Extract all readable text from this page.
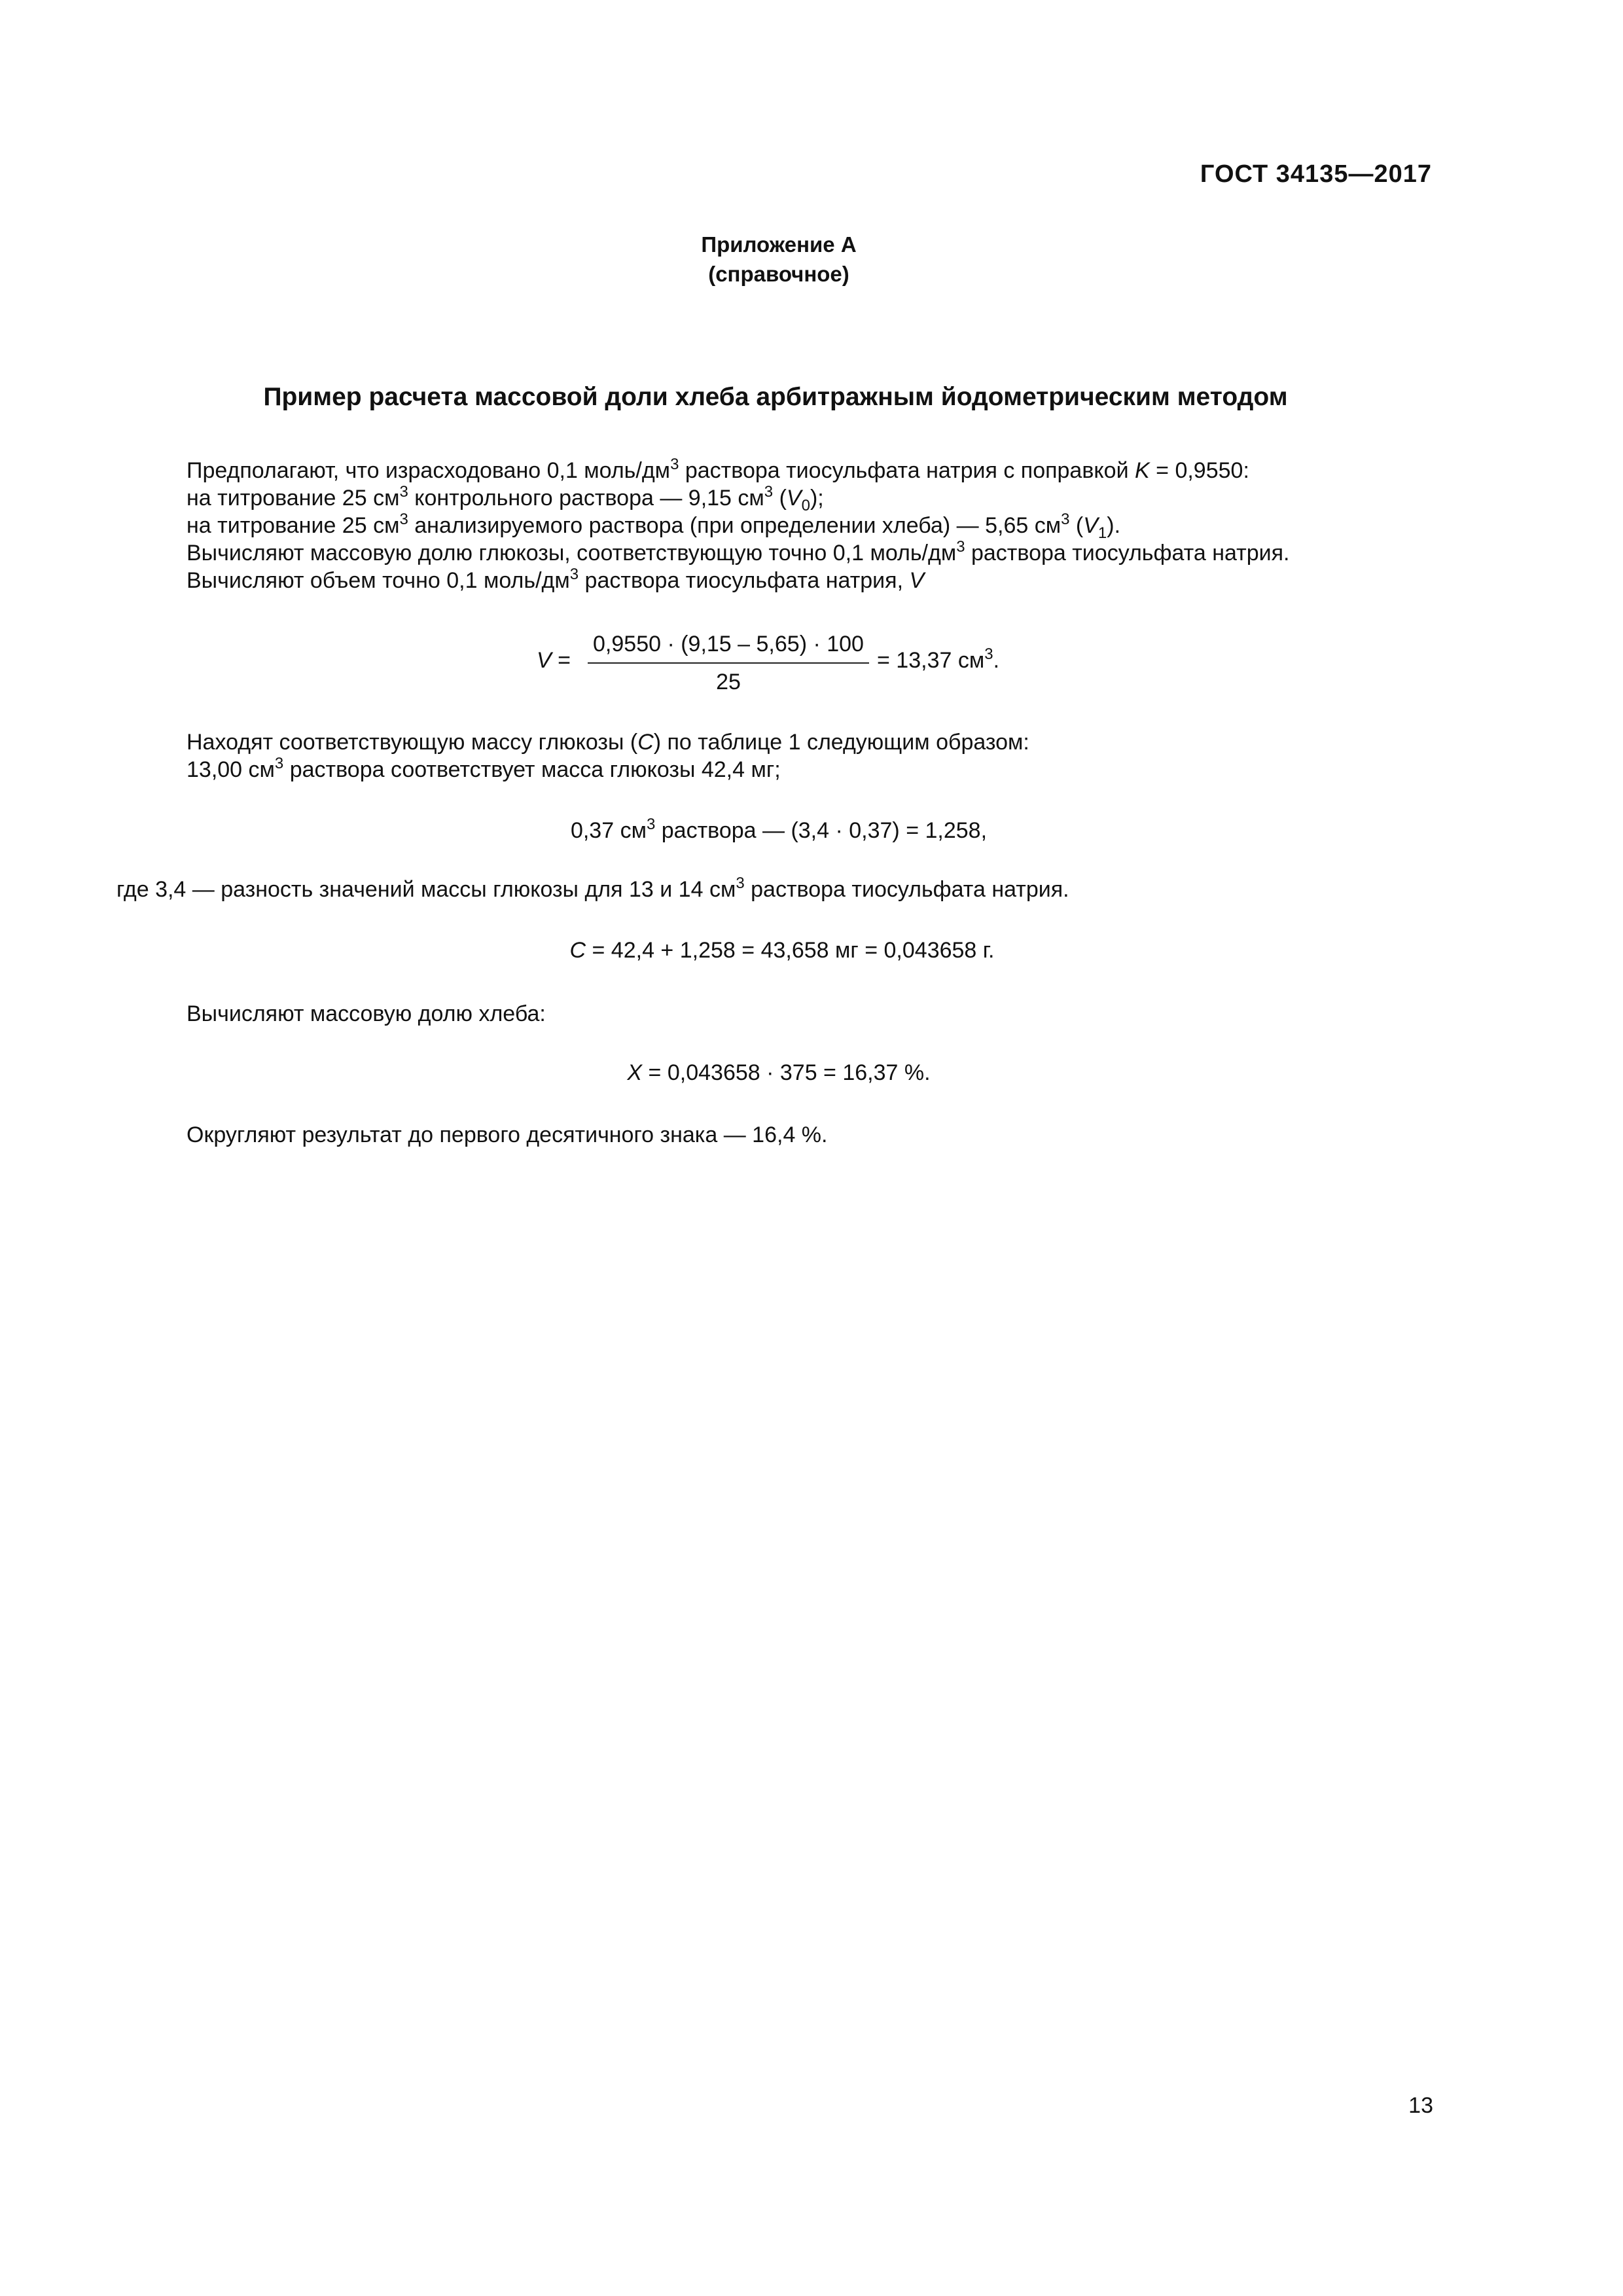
ГОСТ 34135—2017
Приложение А
(справочное)
Пример расчета массовой доли хлеба арбитражным йодометрическим методом
Предполагают, что израсходовано 0,1 моль/$дм^3$ раствора тиосульфата натрия с поправкой K = 0,9550:
на титрование 25 $см^3$ контрольного раствора — 9,15 $см^3$ $(V_0)$;
на титрование 25 $см^3$ анализируемого раствора (при определении хлеба) — 5,65 $см^3$ $(V_1)$.
Вычисляют массовую долю глюкозы, соответствующую точно 0,1 моль/$дм^3$ раствора тиосульфата натрия.
Вычисляют объем точно 0,1 моль/$дм^3$ раствора тиосульфата натрия, V
V =
0,9550 · (9,15 – 5,65) · 100
25
= 13,37 $см^3$.
Находят соответствующую массу глюкозы (C) по таблице 1 следующим образом:
13,00 $см^3$ раствора соответствует масса глюкозы 42,4 мг;
0,37 $см^3$ раствора — (3,4 · 0,37) = 1,258,
где 3,4 — разность значений массы глюкозы для 13 и 14 $см^3$ раствора тиосульфата натрия.
C = 42,4 + 1,258 = 43,658 мг = 0,043658 г.
Вычисляют массовую долю хлеба:
X = 0,043658 · 375 = 16,37 %.
Округляют результат до первого десятичного знака — 16,4 %.
13
